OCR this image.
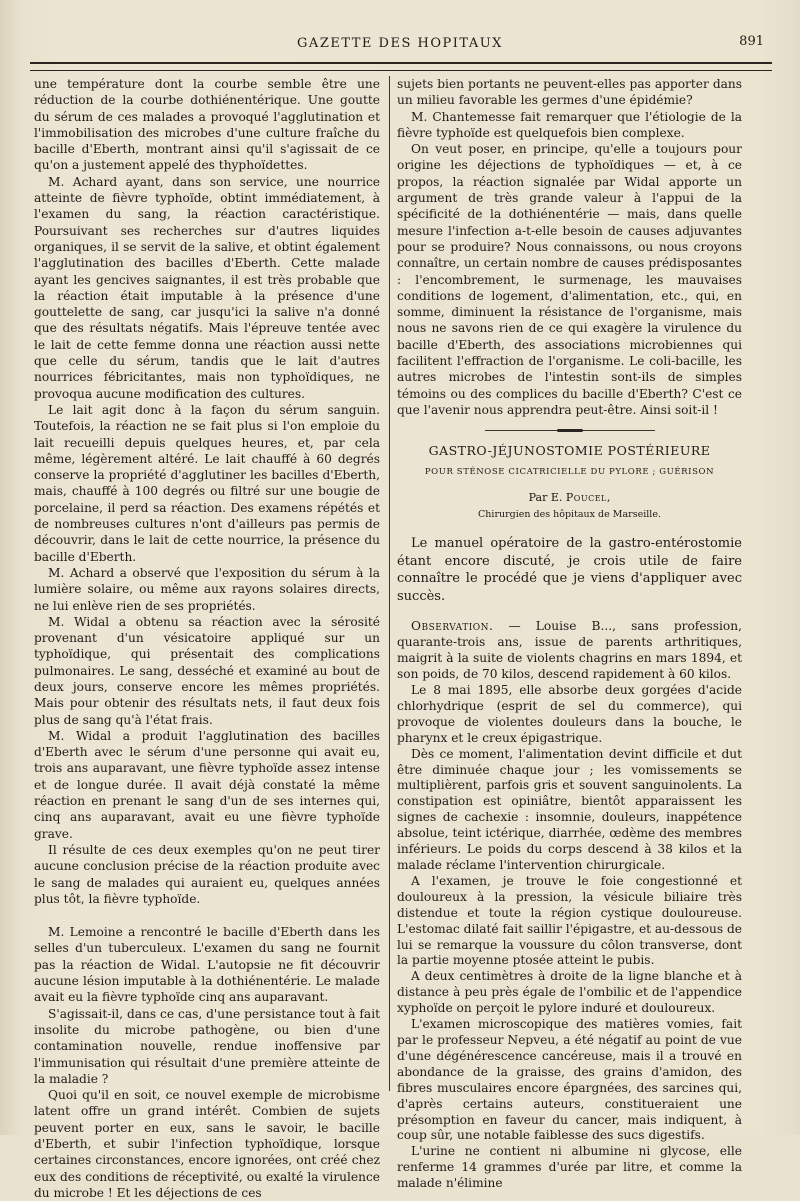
GAZETTE DES HOPITAUX	891

une température dont la courbe semble être une réduction de la courbe dothiénentérique. Une goutte du sérum de ces malades a provoqué l'agglutination et l'immobilisation des microbes d'une culture fraîche du bacille d'Eberth, montrant ainsi qu'il s'agissait de ce qu'on a justement appelé des thyphoïdettes.

M. Achard ayant, dans son service, une nourrice atteinte de fièvre typhoïde, obtint immédiatement, à l'examen du sang, la réaction caractéristique. Poursuivant ses recherches sur d'autres liquides organiques, il se servit de la salive, et obtint également l'agglutination des bacilles d'Eberth. Cette malade ayant les gencives saignantes, il est très probable que la réaction était imputable à la présence d'une gouttelette de sang, car jusqu'ici la salive n'a donné que des résultats négatifs. Mais l'épreuve tentée avec le lait de cette femme donna une réaction aussi nette que celle du sérum, tandis que le lait d'autres nourrices fébricitantes, mais non typhoïdiques, ne provoqua aucune modification des cultures.

Le lait agit donc à la façon du sérum sanguin. Toutefois, la réaction ne se fait plus si l'on emploie du lait recueilli depuis quelques heures, et, par cela même, légèrement altéré. Le lait chauffé à 60 degrés conserve la propriété d'agglutiner les bacilles d'Eberth, mais, chauffé à 100 degrés ou filtré sur une bougie de porcelaine, il perd sa réaction. Des examens répétés et de nombreuses cultures n'ont d'ailleurs pas permis de découvrir, dans le lait de cette nourrice, la présence du bacille d'Eberth.

M. Achard a observé que l'exposition du sérum à la lumière solaire, ou même aux rayons solaires directs, ne lui enlève rien de ses propriétés.

M. Widal a obtenu sa réaction avec la sérosité provenant d'un vésicatoire appliqué sur un typhoïdique, qui présentait des complications pulmonaires. Le sang, desséché et examiné au bout de deux jours, conserve encore les mêmes propriétés. Mais pour obtenir des résultats nets, il faut deux fois plus de sang qu'à l'état frais.

M. Widal a produit l'agglutination des bacilles d'Eberth avec le sérum d'une personne qui avait eu, trois ans auparavant, une fièvre typhoïde assez intense et de longue durée. Il avait déjà constaté la même réaction en prenant le sang d'un de ses internes qui, cinq ans auparavant, avait eu une fièvre typhoïde grave.

Il résulte de ces deux exemples qu'on ne peut tirer aucune conclusion précise de la réaction produite avec le sang de malades qui auraient eu, quelques années plus tôt, la fièvre typhoïde.

M. Lemoine a rencontré le bacille d'Eberth dans les selles d'un tuberculeux. L'examen du sang ne fournit pas la réaction de Widal. L'autopsie ne fit découvrir aucune lésion imputable à la dothiénentérie. Le malade avait eu la fièvre typhoïde cinq ans auparavant.

S'agissait-il, dans ce cas, d'une persistance tout à fait insolite du microbe pathogène, ou bien d'une contamination nouvelle, rendue inoffensive par l'immunisation qui résultait d'une première atteinte de la maladie ?

Quoi qu'il en soit, ce nouvel exemple de microbisme latent offre un grand intérêt. Combien de sujets peuvent porter en eux, sans le savoir, le bacille d'Eberth, et subir l'infection typhoïdique, lorsque certaines circonstances, encore ignorées, ont créé chez eux des conditions de réceptivité, ou exalté la virulence du microbe ! Et les déjections de ces

sujets bien portants ne peuvent-elles pas apporter dans un milieu favorable les germes d'une épidémie?

M. Chantemesse fait remarquer que l'étiologie de la fièvre typhoïde est quelquefois bien complexe.

On veut poser, en principe, qu'elle a toujours pour origine les déjections de typhoïdiques — et, à ce propos, la réaction signalée par Widal apporte un argument de très grande valeur à l'appui de la spécificité de la dothiénentérie — mais, dans quelle mesure l'infection a-t-elle besoin de causes adjuvantes pour se produire? Nous connaissons, ou nous croyons connaître, un certain nombre de causes prédisposantes : l'encombrement, le surmenage, les mauvaises conditions de logement, d'alimentation, etc., qui, en somme, diminuent la résistance de l'organisme, mais nous ne savons rien de ce qui exagère la virulence du bacille d'Eberth, des associations microbiennes qui facilitent l'effraction de l'organisme. Le coli-bacille, les autres microbes de l'intestin sont-ils de simples témoins ou des complices du bacille d'Eberth? C'est ce que l'avenir nous apprendra peut-être. Ainsi soit-il !

GASTRO-JÉJUNOSTOMIE POSTÉRIEURE
POUR STÉNOSE CICATRICIELLE DU PYLORE ; GUÉRISON
Par E. Poucel,
Chirurgien des hôpitaux de Marseille.

Le manuel opératoire de la gastro-entérostomie étant encore discuté, je crois utile de faire connaître le procédé que je viens d'appliquer avec succès.

Observation. — Louise B..., sans profession, quarante-trois ans, issue de parents arthritiques, maigrit à la suite de violents chagrins en mars 1894, et son poids, de 70 kilos, descend rapidement à 60 kilos.

Le 8 mai 1895, elle absorbe deux gorgées d'acide chlorhydrique (esprit de sel du commerce), qui provoque de violentes douleurs dans la bouche, le pharynx et le creux épigastrique.

Dès ce moment, l'alimentation devint difficile et dut être diminuée chaque jour ; les vomissements se multiplièrent, parfois gris et souvent sanguinolents. La constipation est opiniâtre, bientôt apparaissent les signes de cachexie : insomnie, douleurs, inappétence absolue, teint ictérique, diarrhée, œdème des membres inférieurs. Le poids du corps descend à 38 kilos et la malade réclame l'intervention chirurgicale.

A l'examen, je trouve le foie congestionné et douloureux à la pression, la vésicule biliaire très distendue et toute la région cystique douloureuse. L'estomac dilaté fait saillir l'épigastre, et au-dessous de lui se remarque la voussure du côlon transverse, dont la partie moyenne ptosée atteint le pubis.

A deux centimètres à droite de la ligne blanche et à distance à peu près égale de l'ombilic et de l'appendice xyphoïde on perçoit le pylore induré et douloureux.

L'examen microscopique des matières vomies, fait par le professeur Nepveu, a été négatif au point de vue d'une dégénérescence cancéreuse, mais il a trouvé en abondance de la graisse, des grains d'amidon, des fibres musculaires encore épargnées, des sarcines qui, d'après certains auteurs, constitueraient une présomption en faveur du cancer, mais indiquent, à coup sûr, une notable faiblesse des sucs digestifs.

L'urine ne contient ni albumine ni glycose, elle renferme 14 grammes d'urée par litre, et comme la malade n'élimine
